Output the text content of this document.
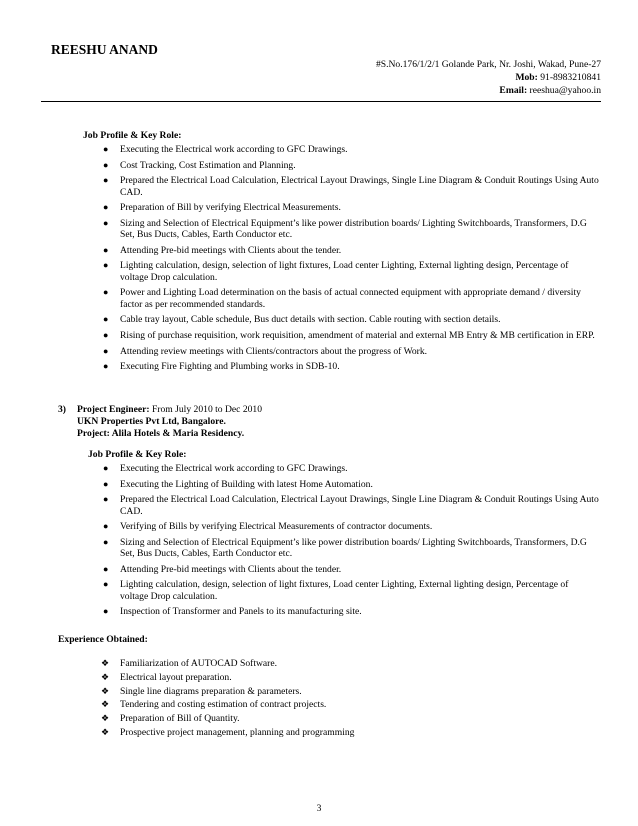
REESHU ANAND
#S.No.176/1/2/1 Golande Park, Nr. Joshi, Wakad, Pune-27
Mob: 91-8983210841
Email: reeshua@yahoo.in
Job Profile & Key Role:
● Executing the Electrical work according to GFC Drawings.
● Cost Tracking, Cost Estimation and Planning.
● Prepared the Electrical Load Calculation, Electrical Layout Drawings, Single Line Diagram & Conduit Routings Using Auto CAD.
● Preparation of Bill by verifying Electrical Measurements.
● Sizing and Selection of Electrical Equipment’s like power distribution boards/ Lighting Switchboards, Transformers, D.G Set, Bus Ducts, Cables, Earth Conductor etc.
● Attending Pre-bid meetings with Clients about the tender.
● Lighting calculation, design, selection of light fixtures, Load center Lighting, External lighting design, Percentage of voltage Drop calculation.
● Power and Lighting Load determination on the basis of actual connected equipment with appropriate demand / diversity factor as per recommended standards.
● Cable tray layout, Cable schedule, Bus duct details with section. Cable routing with section details.
● Rising of purchase requisition, work requisition, amendment of material and external MB Entry & MB certification in ERP.
● Attending review meetings with Clients/contractors about the progress of Work.
● Executing Fire Fighting and Plumbing works in SDB-10.
3) Project Engineer: From July 2010 to Dec 2010
UKN Properties Pvt Ltd, Bangalore.
Project: Alila Hotels & Maria Residency.
Job Profile & Key Role:
● Executing the Electrical work according to GFC Drawings.
● Executing the Lighting of Building with latest Home Automation.
● Prepared the Electrical Load Calculation, Electrical Layout Drawings, Single Line Diagram & Conduit Routings Using Auto CAD.
● Verifying of Bills by verifying Electrical Measurements of contractor documents.
● Sizing and Selection of Electrical Equipment’s like power distribution boards/ Lighting Switchboards, Transformers, D.G Set, Bus Ducts, Cables, Earth Conductor etc.
● Attending Pre-bid meetings with Clients about the tender.
● Lighting calculation, design, selection of light fixtures, Load center Lighting, External lighting design, Percentage of voltage Drop calculation.
● Inspection of Transformer and Panels to its manufacturing site.
Experience Obtained:
❖ Familiarization of AUTOCAD Software.
❖ Electrical layout preparation.
❖ Single line diagrams preparation & parameters.
❖ Tendering and costing estimation of contract projects.
❖ Preparation of Bill of Quantity.
❖ Prospective project management, planning and programming
3
